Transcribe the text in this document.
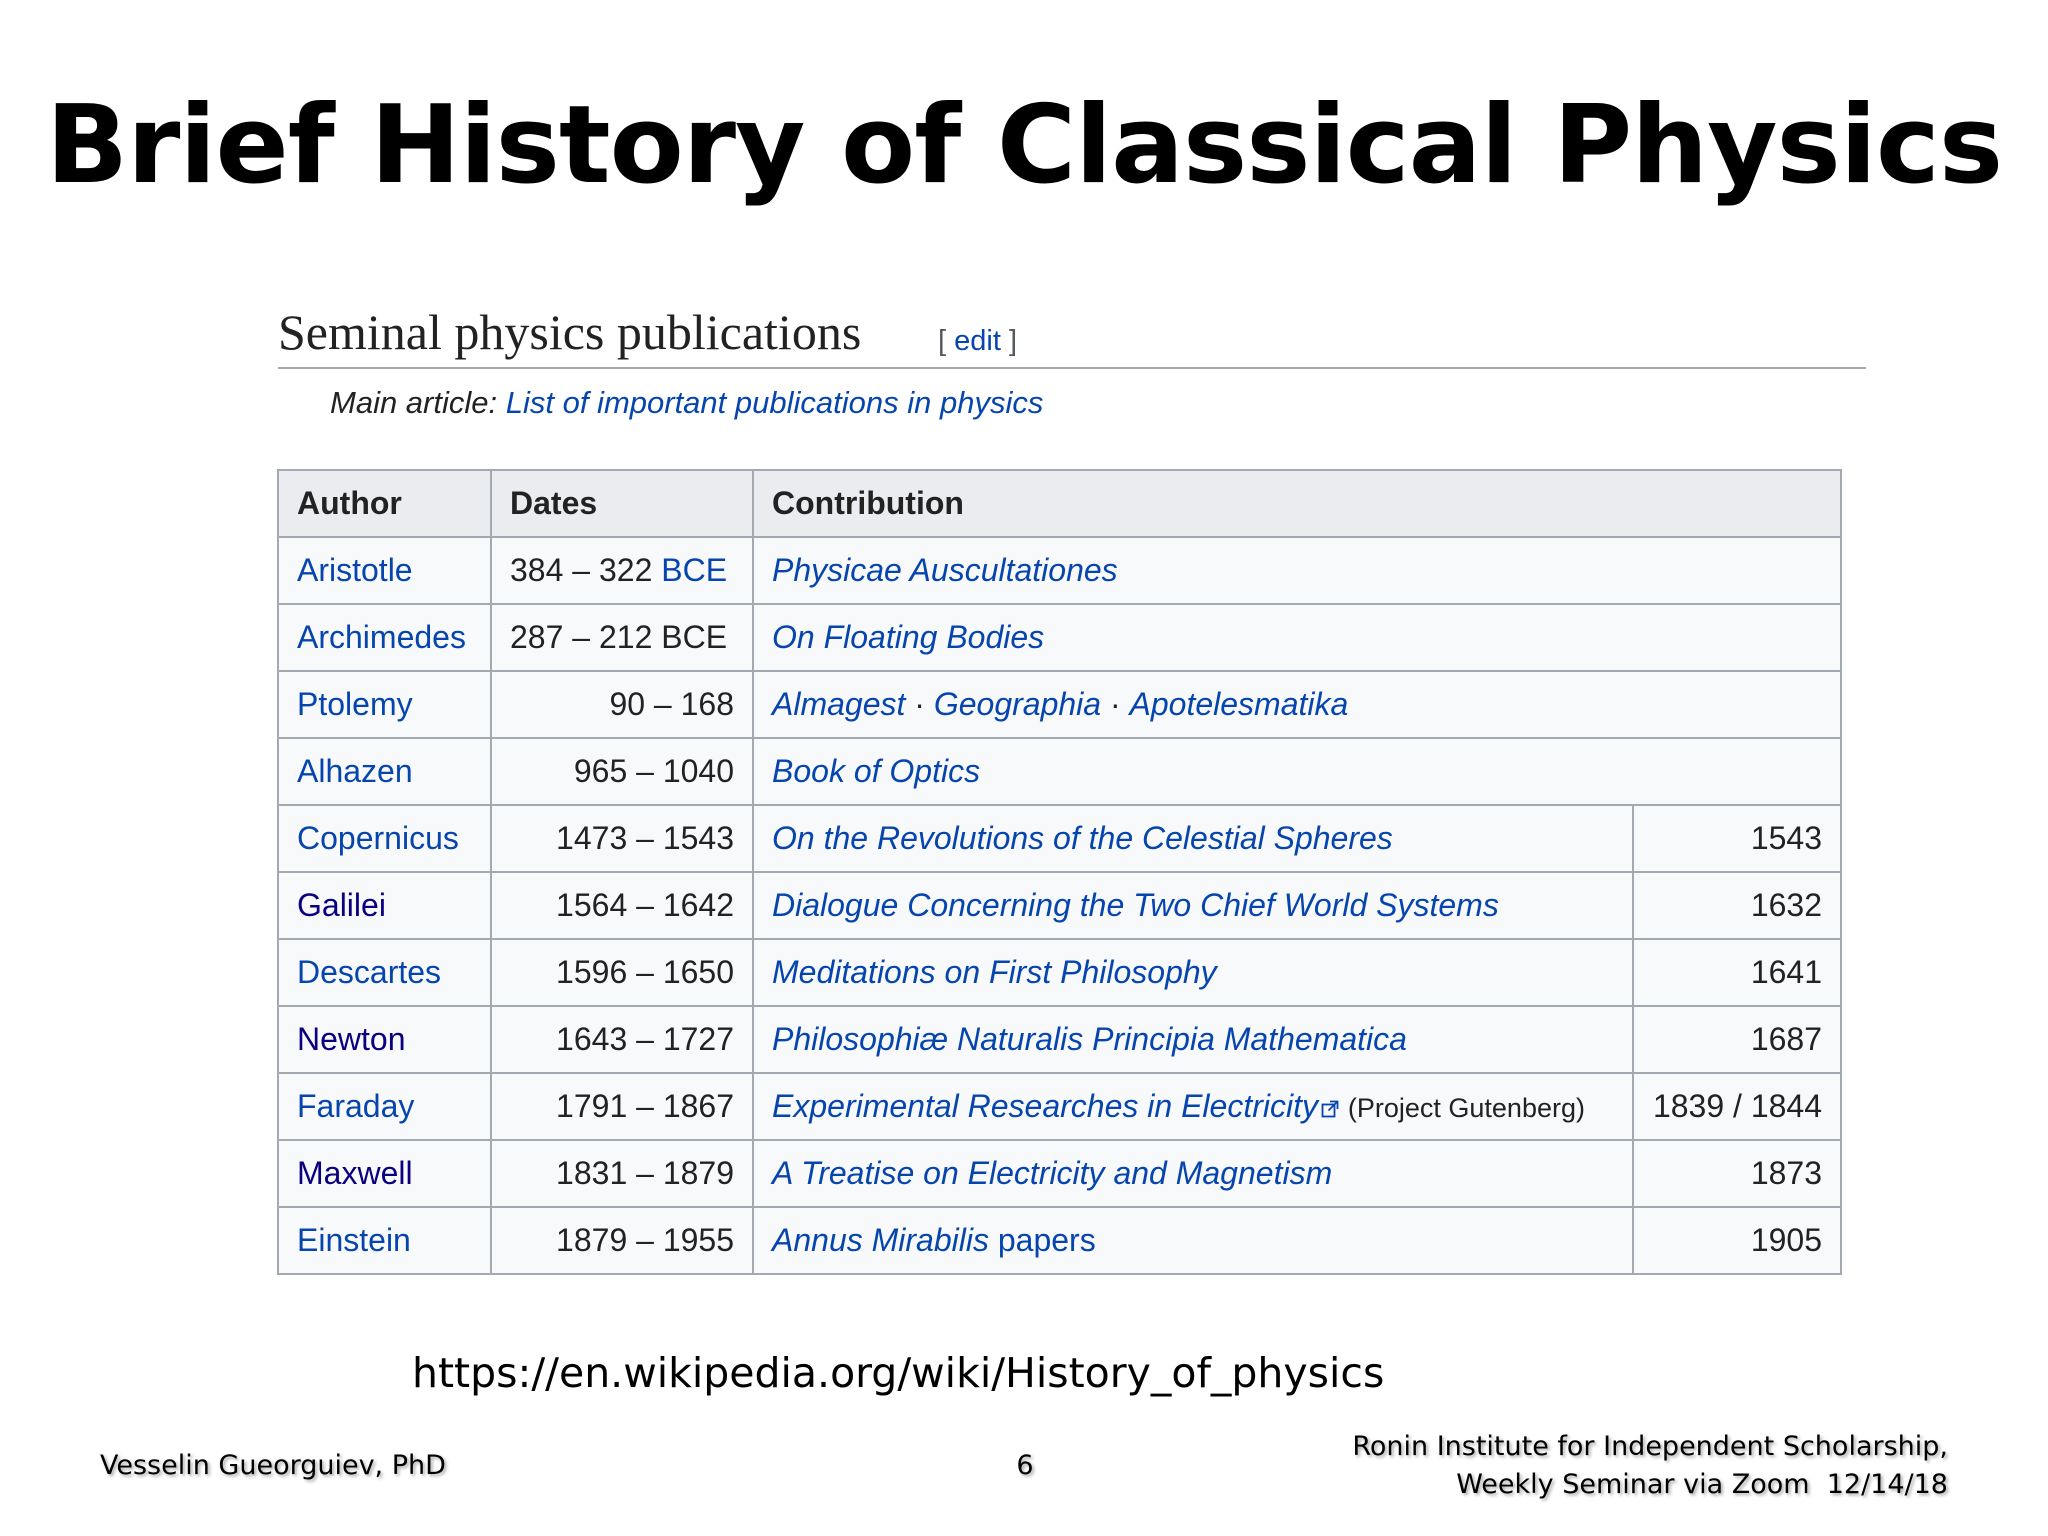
Brief History of Classical Physics
Seminal physics publications	[ edit ]
Main article: List of important publications in physics
Author	Dates	Contribution	
Aristotle	384 – 322 BCE	Physicae Auscultationes	
Archimedes	287 – 212 BCE	On Floating Bodies	
Ptolemy	90 – 168	Almagest · Geographia · Apotelesmatika	
Alhazen	965 – 1040	Book of Optics	
Copernicus	1473 – 1543	On the Revolutions of the Celestial Spheres	1543
Galilei	1564 – 1642	Dialogue Concerning the Two Chief World Systems	1632
Descartes	1596 – 1650	Meditations on First Philosophy	1641
Newton	1643 – 1727	Philosophiæ Naturalis Principia Mathematica	1687
Faraday	1791 – 1867	Experimental Researches in Electricity (Project Gutenberg)	1839 / 1844
Maxwell	1831 – 1879	A Treatise on Electricity and Magnetism	1873
Einstein	1879 – 1955	Annus Mirabilis papers	1905
https://en.wikipedia.org/wiki/History_of_physics
Vesselin Gueorguiev, PhD	6
Ronin Institute for Independent Scholarship,
Weekly Seminar via Zoom  12/14/18
